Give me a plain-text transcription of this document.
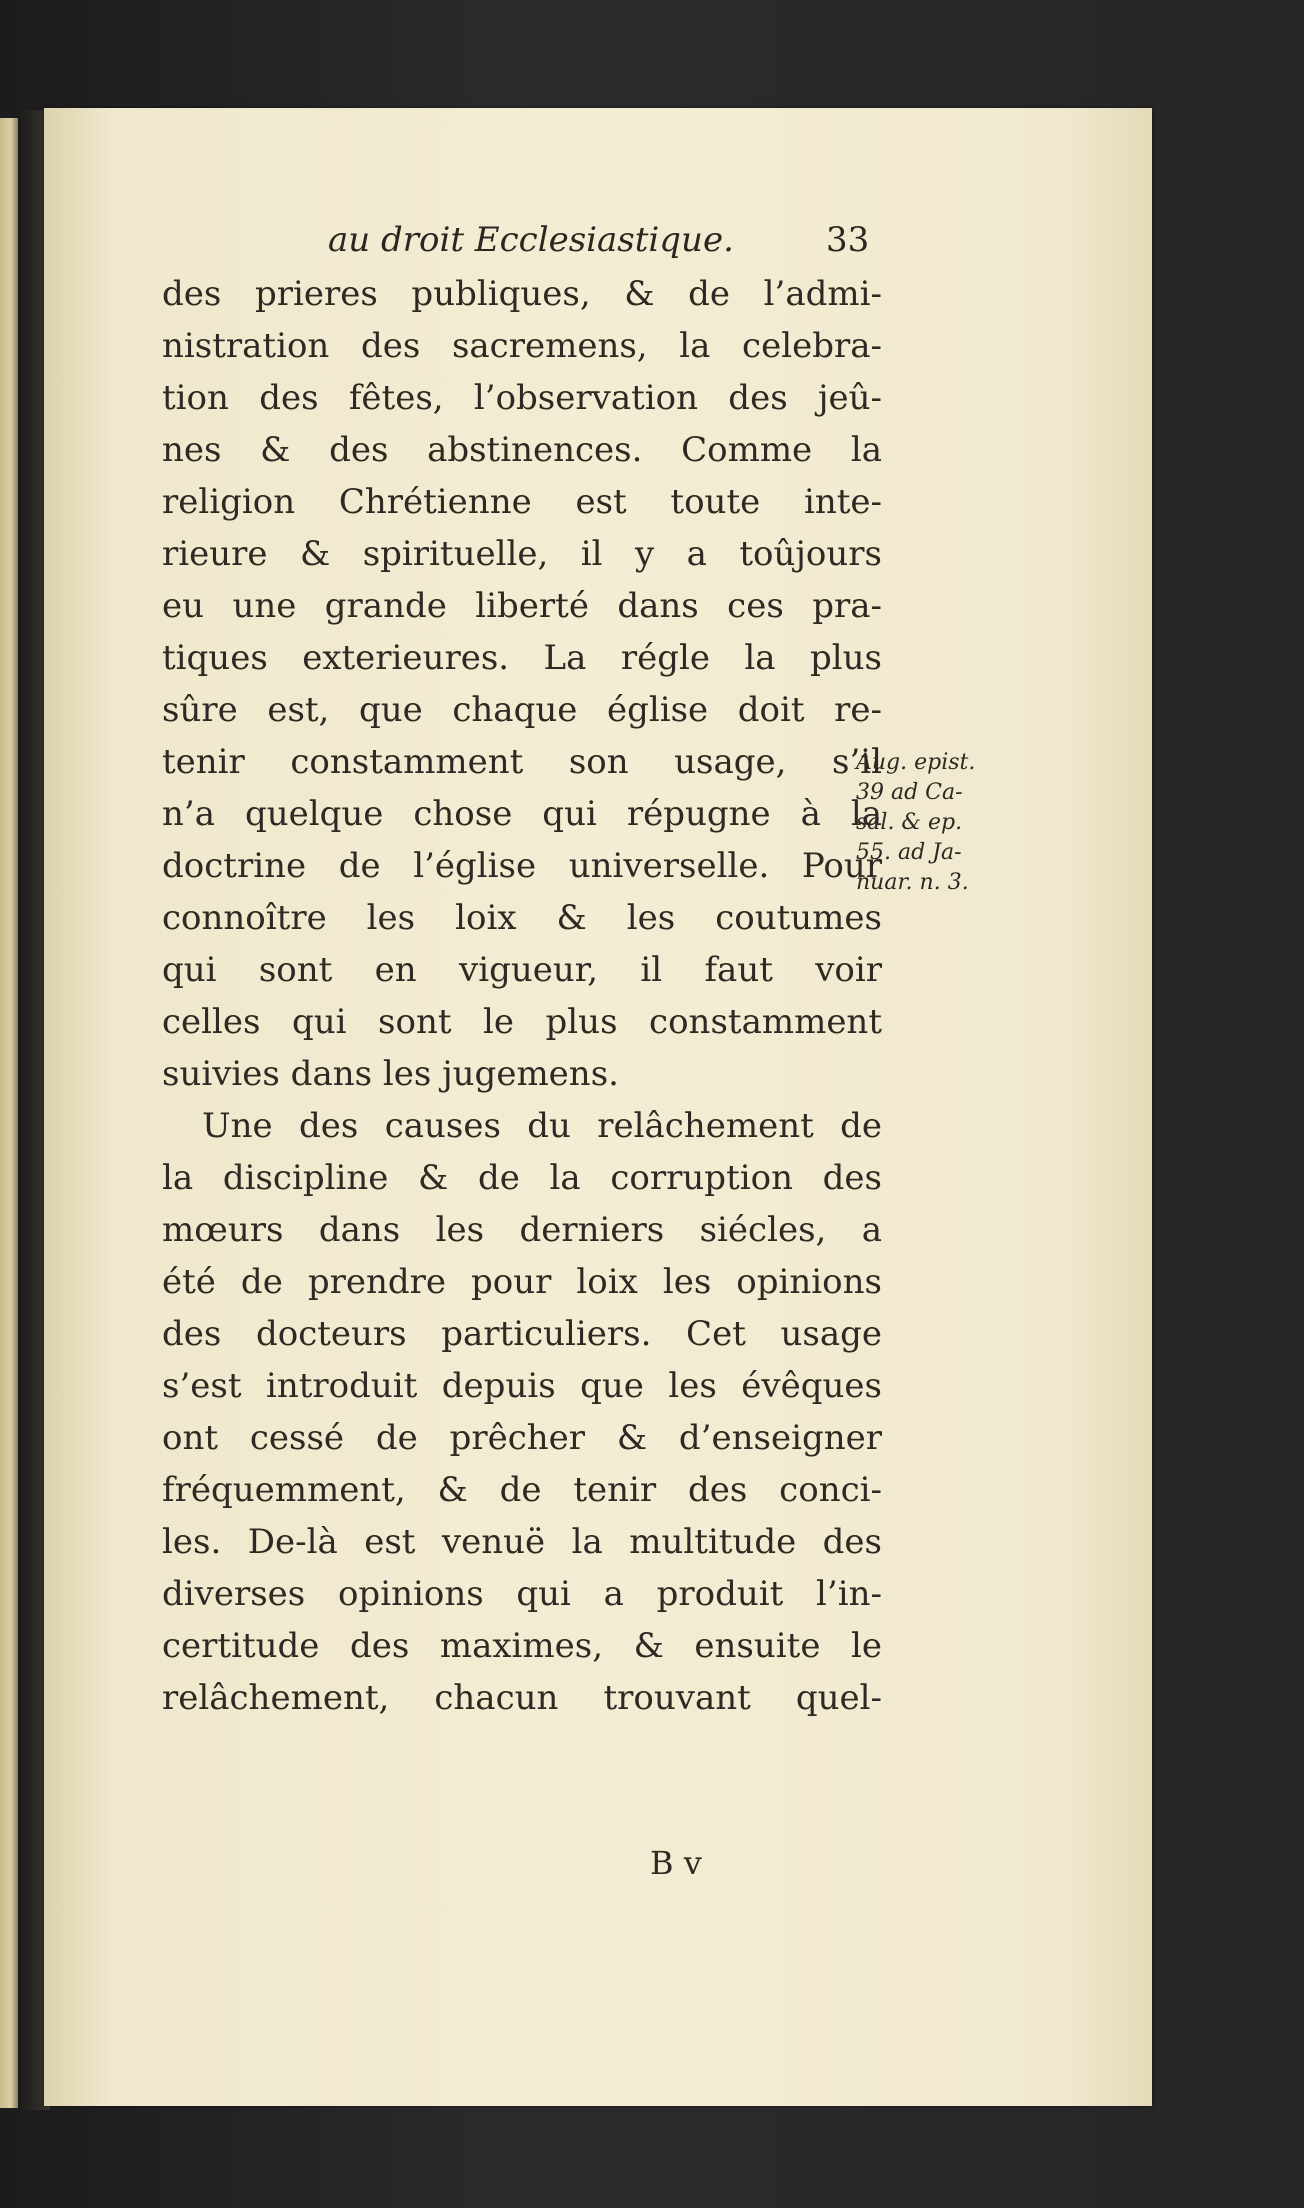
au droit Ecclesiastique.	33
des prieres publiques, & de l’admi-
nistration des sacremens, la celebra-
tion des fêtes, l’observation des jeû-
nes & des abstinences. Comme la
religion Chrétienne est toute inte-
rieure & spirituelle, il y a toûjours
eu une grande liberté dans ces pra-
tiques exterieures. La régle la plus
sûre est, que chaque église doit re-
tenir constamment son usage, s’il
n’a quelque chose qui répugne à la
doctrine de l’église universelle. Pour
connoître les loix & les coutumes
qui sont en vigueur, il faut voir
celles qui sont le plus constamment
suivies dans les jugemens.
Une des causes du relâchement de
la discipline & de la corruption des
mœurs dans les derniers siécles, a
été de prendre pour loix les opinions
des docteurs particuliers. Cet usage
s’est introduit depuis que les évêques
ont cessé de prêcher & d’enseigner
fréquemment, & de tenir des conci-
les. De-là est venuë la multitude des
diverses opinions qui a produit l’in-
certitude des maximes, & ensuite le
relâchement, chacun trouvant quel-
Aug. epist.
39 ad Ca-
sal. & ep.
55. ad Ja-
nuar. n. 3.
B v
